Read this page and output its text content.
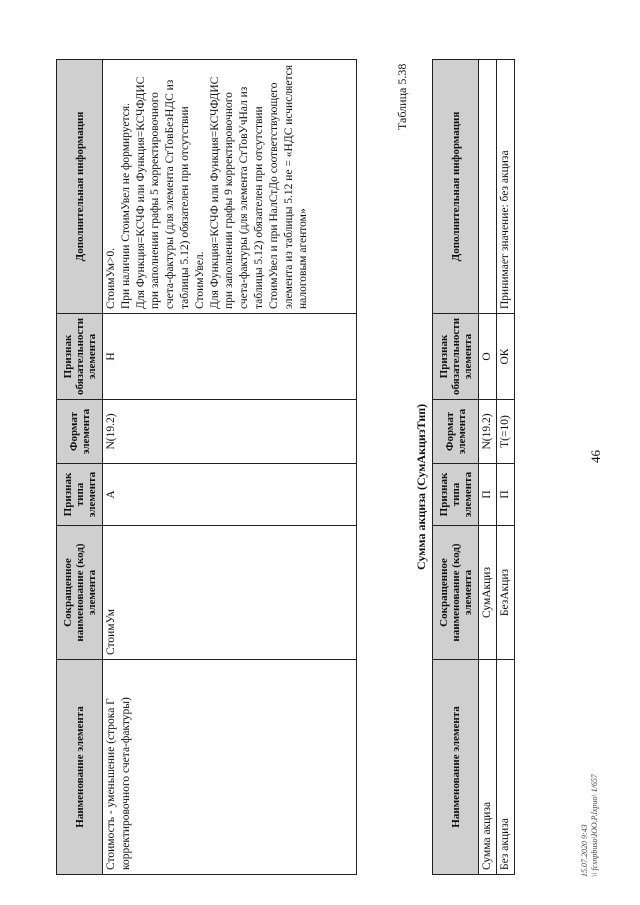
46
Наименование элемента	Сокращенное наименование (код) элемента	Признак типа элемента	Формат элемента	Признак обязательности элемента	Дополнительная информация
Стоимость - уменьшение (строка Г корректировочного счета-фактуры)	СтоимУм	А	N(19.2)	Н	СтоимУм>0.
При наличии СтоимУвел не формируется.
Для Функция=КСЧФ или Функция=КСЧФДИС при заполнении графы 5 корректировочного счета-фактуры (для элемента СтТовБезНДС из таблицы 5.12) обязателен при отсутствии СтоимУвел.
Для Функция=КСЧФ или Функция=КСЧФДИС при заполнении графы 9 корректировочного счета-фактуры (для элемента СтТовУчНал из таблицы 5.12) обязателен при отсутствии СтоимУвел и при НалСтДо соответствующего элемента из таблицы 5.12 не = «НДС исчисляется налоговым агентом»
Таблица 5.38
Сумма акциза (СумАкцизТип)
Наименование элемента	Сокращенное наименование (код) элемента	Признак типа элемента	Формат элемента	Признак обязательности элемента	Дополнительная информация
Сумма акциза	СумАкциз	П	N(19.2)	О	
Без акциза	БезАкциз	П	T(=10)	ОК	Принимает значение: без акциза
15.07.2020 9:43 \\ fcsnpbuso\ЮО.Р.lxpuo\ 1/657
